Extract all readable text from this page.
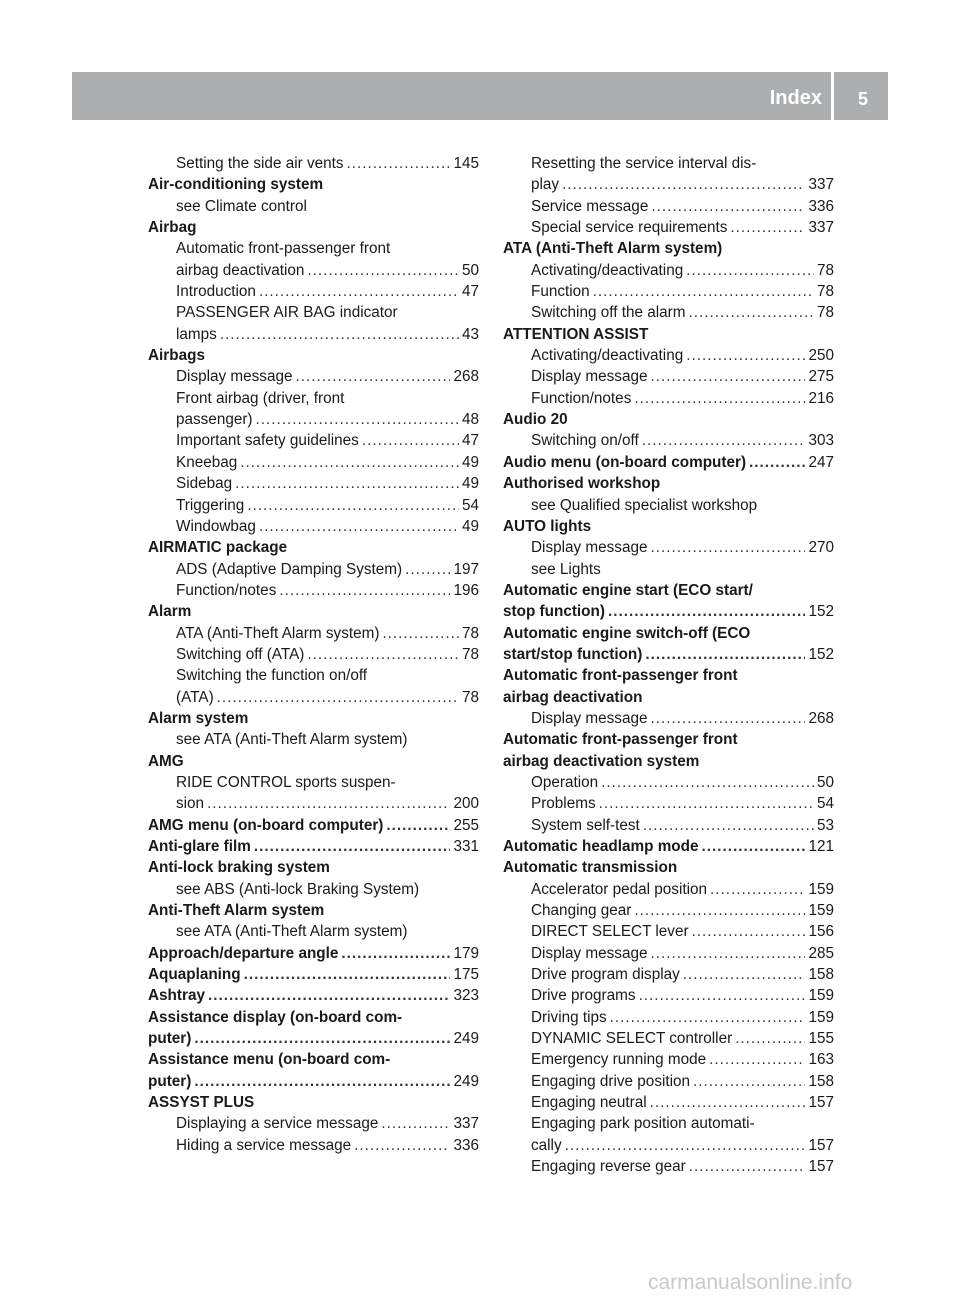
Index 5
Setting the side air vents .....	145
Air-conditioning system
see Climate control
Airbag
Automatic front-passenger front
airbag deactivation .....	50
Introduction .....	47
PASSENGER AIR BAG indicator
lamps .....	43
Airbags
Display message .....	268
Front airbag (driver, front
passenger) .....	48
Important safety guidelines .....	47
Kneebag .....	49
Sidebag .....	49
Triggering .....	54
Windowbag .....	49
AIRMATIC package
ADS (Adaptive Damping System) .....	197
Function/notes .....	196
Alarm
ATA (Anti-Theft Alarm system) .....	78
Switching off (ATA) .....	78
Switching the function on/off
(ATA) .....	78
Alarm system
see ATA (Anti-Theft Alarm system)
AMG
RIDE CONTROL sports suspen-
sion .....	200
AMG menu (on-board computer) .....	255
Anti-glare film .....	331
Anti-lock braking system
see ABS (Anti-lock Braking System)
Anti-Theft Alarm system
see ATA (Anti-Theft Alarm system)
Approach/departure angle .....	179
Aquaplaning .....	175
Ashtray .....	323
Assistance display (on-board com-
puter) .....	249
Assistance menu (on-board com-
puter) .....	249
ASSYST PLUS
Displaying a service message .....	337
Hiding a service message .....	336
Resetting the service interval dis-
play .....	337
Service message .....	336
Special service requirements .....	337
ATA (Anti-Theft Alarm system)
Activating/deactivating .....	78
Function .....	78
Switching off the alarm .....	78
ATTENTION ASSIST
Activating/deactivating .....	250
Display message .....	275
Function/notes .....	216
Audio 20
Switching on/off .....	303
Audio menu (on-board computer) .....	247
Authorised workshop
see Qualified specialist workshop
AUTO lights
Display message .....	270
see Lights
Automatic engine start (ECO start/
stop function) .....	152
Automatic engine switch-off (ECO
start/stop function) .....	152
Automatic front-passenger front
airbag deactivation
Display message .....	268
Automatic front-passenger front
airbag deactivation system
Operation .....	50
Problems .....	54
System self-test .....	53
Automatic headlamp mode .....	121
Automatic transmission
Accelerator pedal position .....	159
Changing gear .....	159
DIRECT SELECT lever .....	156
Display message .....	285
Drive program display .....	158
Drive programs .....	159
Driving tips .....	159
DYNAMIC SELECT controller .....	155
Emergency running mode .....	163
Engaging drive position .....	158
Engaging neutral .....	157
Engaging park position automati-
cally .....	157
Engaging reverse gear .....	157
carmanualsonline.info
